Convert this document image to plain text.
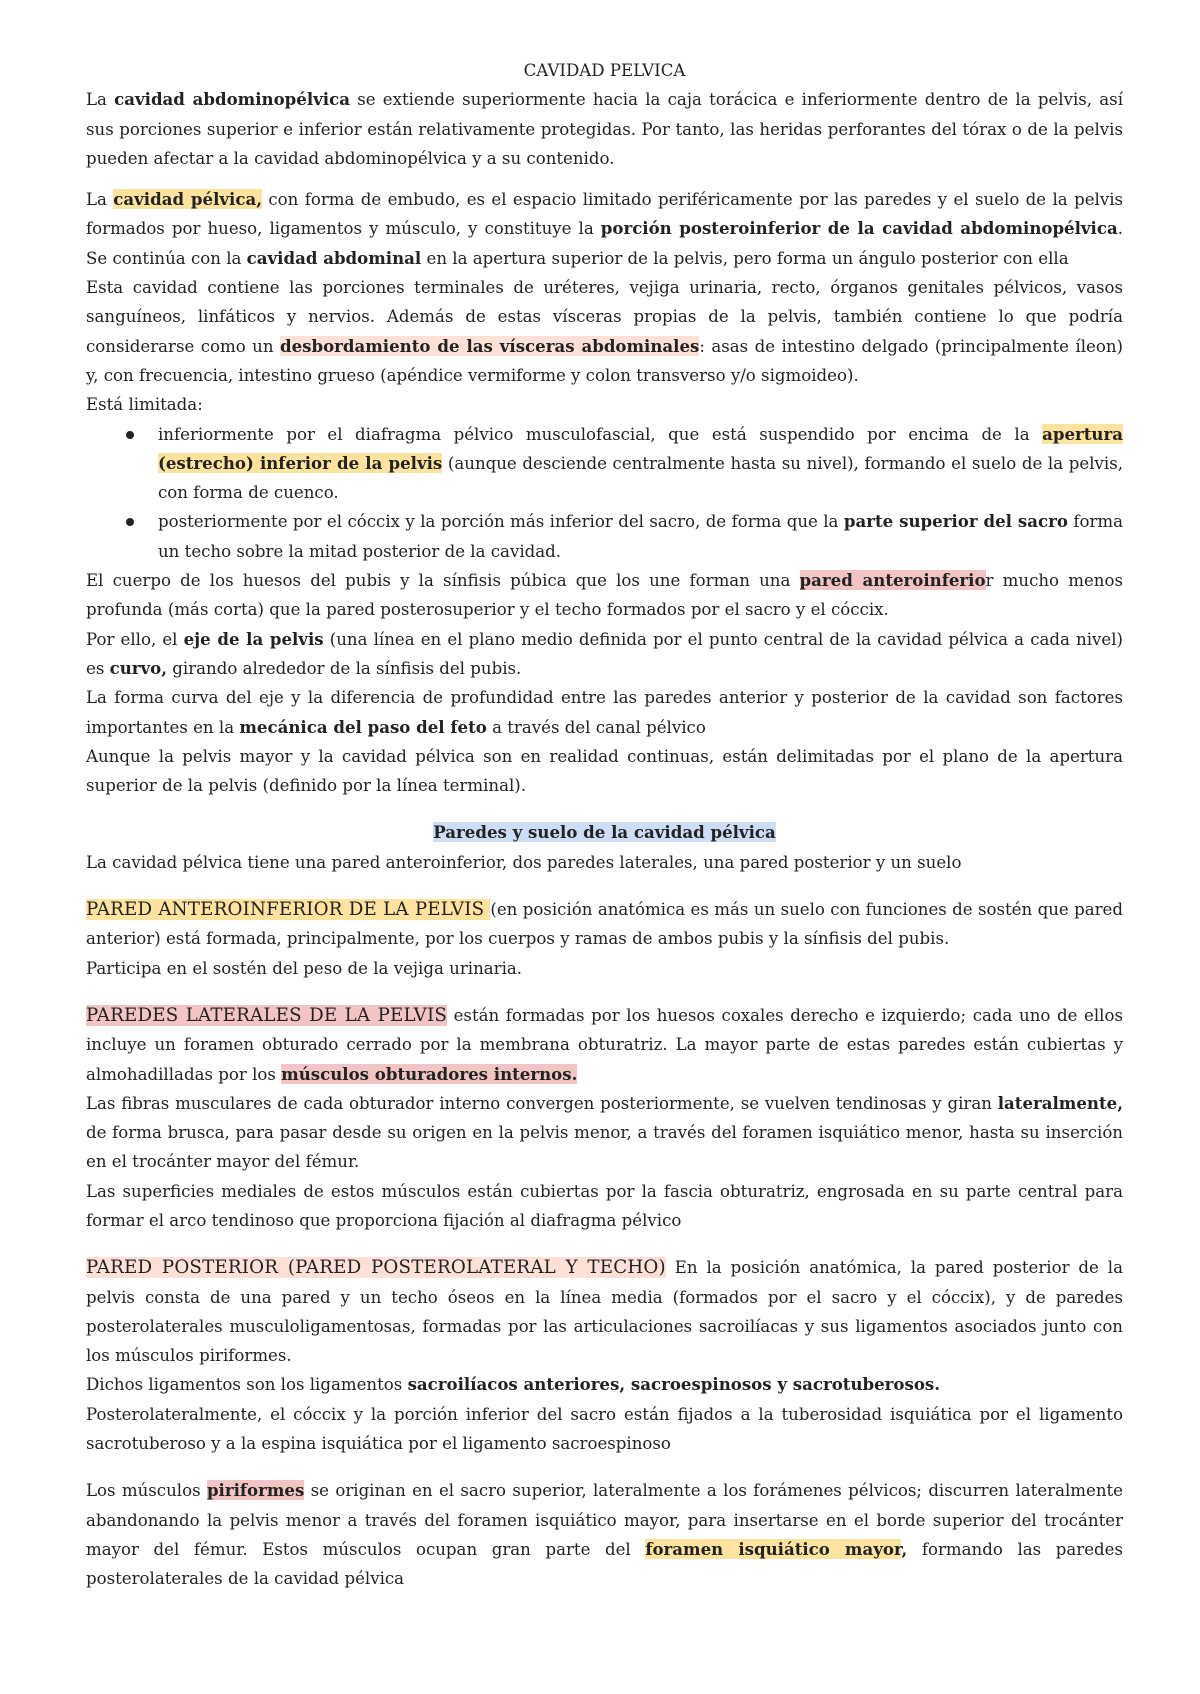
CAVIDAD PELVICA

La cavidad abdominopélvica se extiende superiormente hacia la caja torácica e inferiormente dentro de la pelvis, así sus porciones superior e inferior están relativamente protegidas. Por tanto, las heridas perforantes del tórax o de la pelvis pueden afectar a la cavidad abdominopélvica y a su contenido.

La cavidad pélvica, con forma de embudo, es el espacio limitado periféricamente por las paredes y el suelo de la pelvis formados por hueso, ligamentos y músculo, y constituye la porción posteroinferior de la cavidad abdominopélvica. Se continúa con la cavidad abdominal en la apertura superior de la pelvis, pero forma un ángulo posterior con ella

Esta cavidad contiene las porciones terminales de uréteres, vejiga urinaria, recto, órganos genitales pélvicos, vasos sanguíneos, linfáticos y nervios. Además de estas vísceras propias de la pelvis, también contiene lo que podría considerarse como un desbordamiento de las vísceras abdominales: asas de intestino delgado (principalmente íleon) y, con frecuencia, intestino grueso (apéndice vermiforme y colon transverso y/o sigmoideo).

Está limitada:

inferiormente por el diafragma pélvico musculofascial, que está suspendido por encima de la apertura (estrecho) inferior de la pelvis (aunque desciende centralmente hasta su nivel), formando el suelo de la pelvis, con forma de cuenco.
posteriormente por el cóccix y la porción más inferior del sacro, de forma que la parte superior del sacro forma un techo sobre la mitad posterior de la cavidad.

El cuerpo de los huesos del pubis y la sínfisis púbica que los une forman una pared anteroinferior mucho menos profunda (más corta) que la pared posterosuperior y el techo formados por el sacro y el cóccix.

Por ello, el eje de la pelvis (una línea en el plano medio definida por el punto central de la cavidad pélvica a cada nivel) es curvo, girando alrededor de la sínfisis del pubis.

La forma curva del eje y la diferencia de profundidad entre las paredes anterior y posterior de la cavidad son factores importantes en la mecánica del paso del feto a través del canal pélvico

Aunque la pelvis mayor y la cavidad pélvica son en realidad continuas, están delimitadas por el plano de la apertura superior de la pelvis (definido por la línea terminal).

Paredes y suelo de la cavidad pélvica

La cavidad pélvica tiene una pared anteroinferior, dos paredes laterales, una pared posterior y un suelo

PARED ANTEROINFERIOR DE LA PELVIS (en posición anatómica es más un suelo con funciones de sostén que pared anterior) está formada, principalmente, por los cuerpos y ramas de ambos pubis y la sínfisis del pubis.

Participa en el sostén del peso de la vejiga urinaria.

PAREDES LATERALES DE LA PELVIS están formadas por los huesos coxales derecho e izquierdo; cada uno de ellos incluye un foramen obturado cerrado por la membrana obturatriz. La mayor parte de estas paredes están cubiertas y almohadilladas por los músculos obturadores internos.

Las fibras musculares de cada obturador interno convergen posteriormente, se vuelven tendinosas y giran lateralmente, de forma brusca, para pasar desde su origen en la pelvis menor, a través del foramen isquiático menor, hasta su inserción en el trocánter mayor del fémur.

Las superficies mediales de estos músculos están cubiertas por la fascia obturatriz, engrosada en su parte central para formar el arco tendinoso que proporciona fijación al diafragma pélvico

PARED POSTERIOR (PARED POSTEROLATERAL Y TECHO) En la posición anatómica, la pared posterior de la pelvis consta de una pared y un techo óseos en la línea media (formados por el sacro y el cóccix), y de paredes posterolaterales musculoligamentosas, formadas por las articulaciones sacroilíacas y sus ligamentos asociados junto con los músculos piriformes.

Dichos ligamentos son los ligamentos sacroilíacos anteriores, sacroespinosos y sacrotuberosos.

Posterolateralmente, el cóccix y la porción inferior del sacro están fijados a la tuberosidad isquiática por el ligamento sacrotuberoso y a la espina isquiática por el ligamento sacroespinoso

Los músculos piriformes se originan en el sacro superior, lateralmente a los forámenes pélvicos; discurren lateralmente abandonando la pelvis menor a través del foramen isquiático mayor, para insertarse en el borde superior del trocánter mayor del fémur. Estos músculos ocupan gran parte del foramen isquiático mayor, formando las paredes posterolaterales de la cavidad pélvica
